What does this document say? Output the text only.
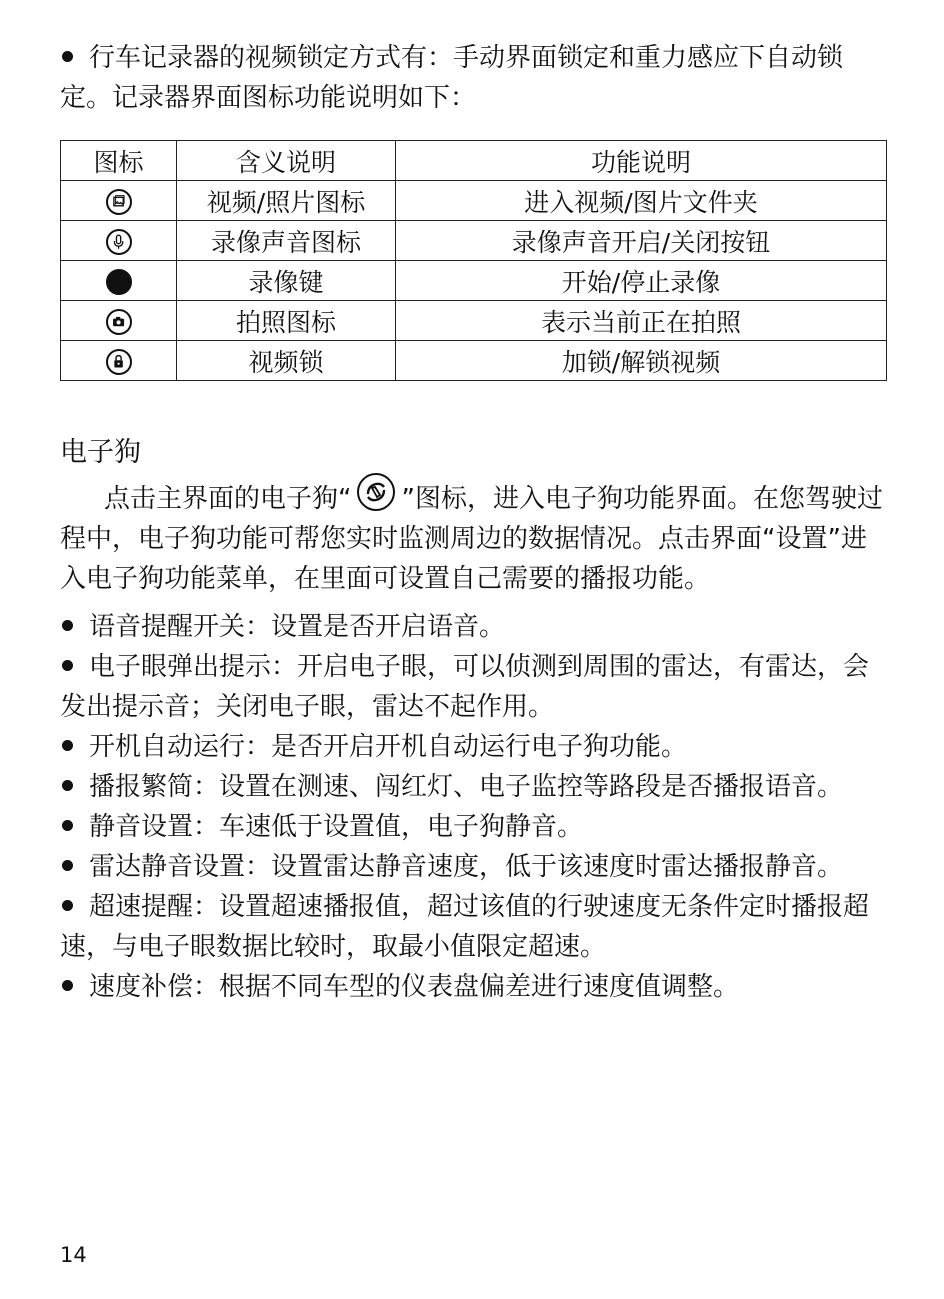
行车记录器的视频锁定方式有：手动界面锁定和重力感应下自动锁定。记录器界面图标功能说明如下：

图标	含义说明	功能说明

	视频/照片图标	进入视频/图片文件夹

	录像声音图标	录像声音开启/关闭按钮
	录像键	开始/停止录像

	拍照图标	表示当前正在拍照

	视频锁	加锁/解锁视频
电子狗

点击主界面的电子狗“ ”图标，进入电子狗功能界面。在您驾驶过程中，电子狗功能可帮您实时监测周边的数据情况。点击界面“设置”进入电子狗功能菜单，在里面可设置自己需要的播报功能。

语音提醒开关：设置是否开启语音。

电子眼弹出提示：开启电子眼，可以侦测到周围的雷达，有雷达，会发出提示音；关闭电子眼，雷达不起作用。

开机自动运行：是否开启开机自动运行电子狗功能。

播报繁简：设置在测速、闯红灯、电子监控等路段是否播报语音。

静音设置：车速低于设置值，电子狗静音。

雷达静音设置：设置雷达静音速度，低于该速度时雷达播报静音。

超速提醒：设置超速播报值，超过该值的行驶速度无条件定时播报超速，与电子眼数据比较时，取最小值限定超速。

速度补偿：根据不同车型的仪表盘偏差进行速度值调整。

14
